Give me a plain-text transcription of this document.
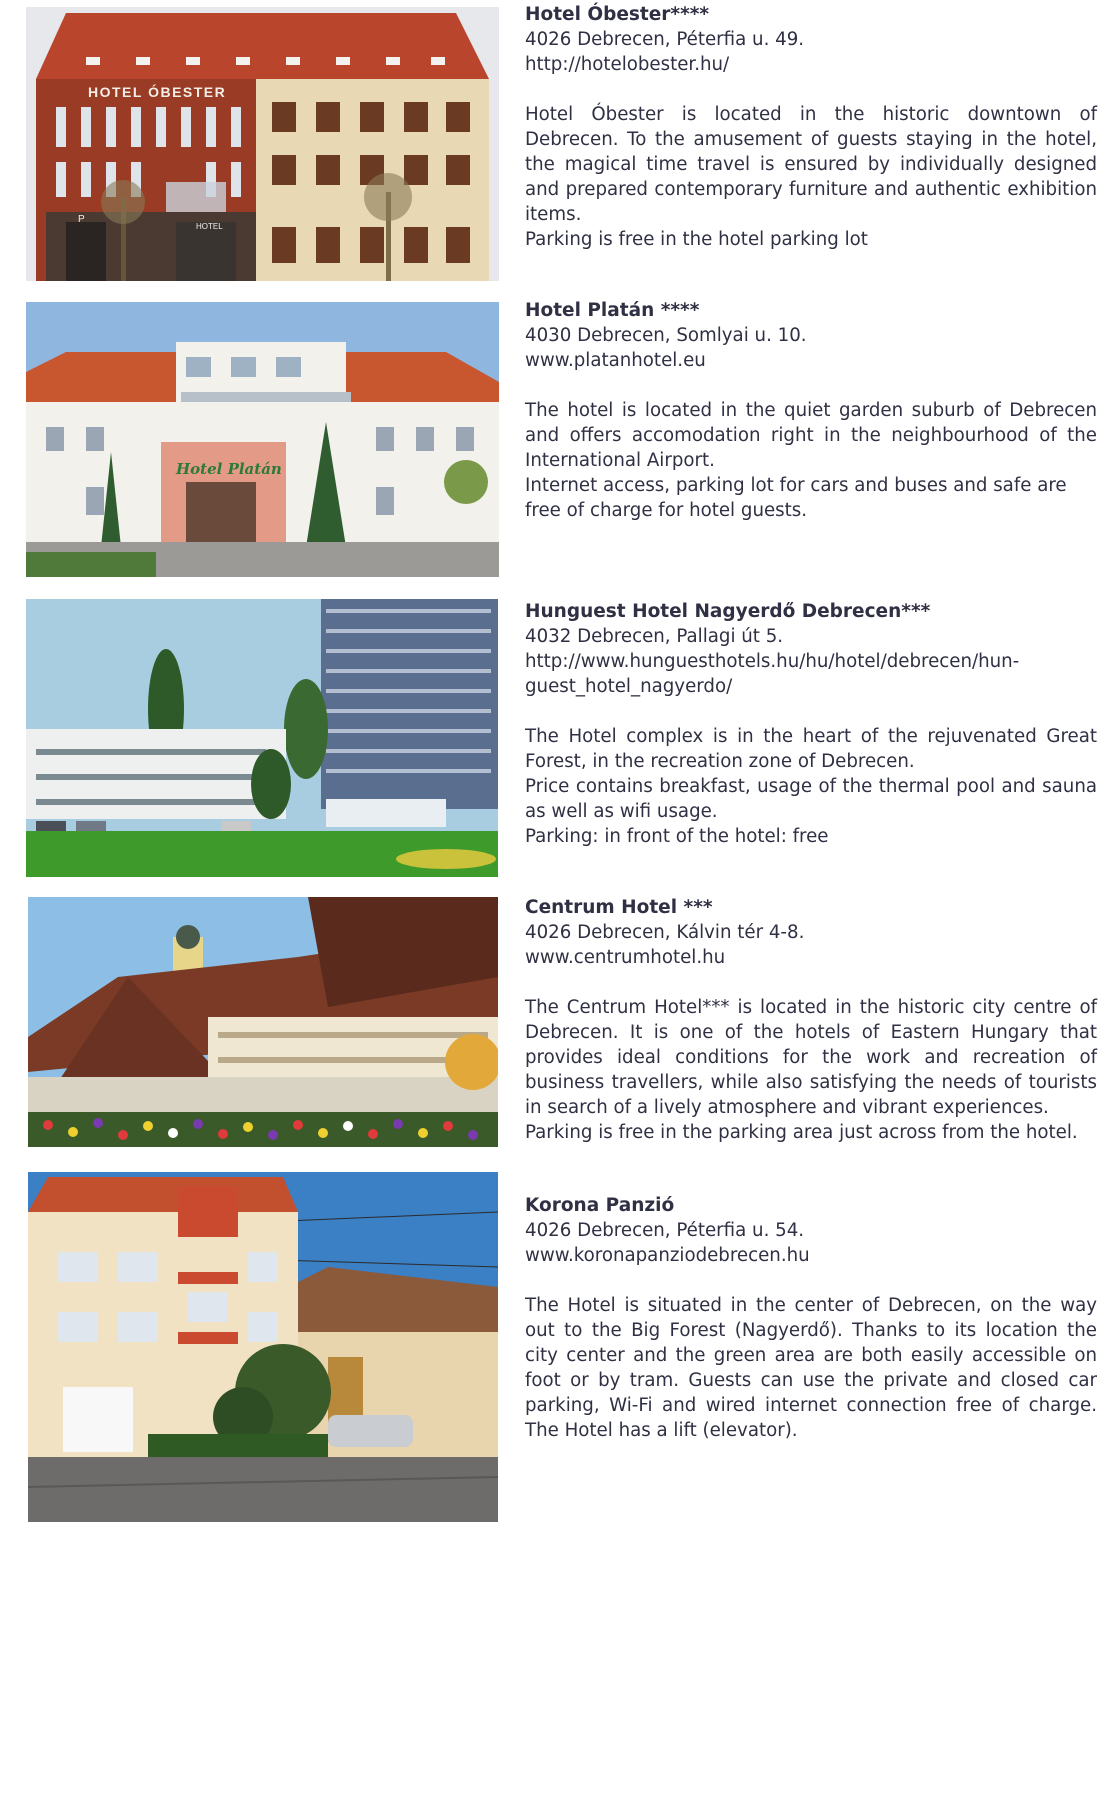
HOTEL ÓBESTER
HOTEL
P

Hotel Óbester****

4026 Debrecen, Péterfia u. 49.

http://hotelobester.hu/

Hotel Óbester is located in the historic downtown of Debrecen. To the amusement of guests staying in the hotel, the magical time travel is ensured by individually designed and prepared contemporary furniture and authentic exhibition items.

Parking is free in the hotel parking lot

Hotel Platán

Hotel Platán ****

4030 Debrecen, Somlyai u. 10.

www.platanhotel.eu

The hotel is located in the quiet garden suburb of Debrecen and offers accomodation right in the neighbourhood of the International Airport.

Internet access, parking lot for cars and buses and safe are free of charge for hotel guests.

Hunguest Hotel Nagyerdő Debrecen***

4032 Debrecen, Pallagi út 5.

http://www.hunguesthotels.hu/hu/hotel/debrecen/hun-
guest_hotel_nagyerdo/

The Hotel complex is in the heart of the rejuvenated Great Forest, in the recreation zone of Debrecen.

Price contains breakfast, usage of the thermal pool and sauna as well as wifi usage.

Parking: in front of the hotel: free

Centrum Hotel ***

4026 Debrecen, Kálvin tér 4-8.

www.centrumhotel.hu

The Centrum Hotel*** is located in the historic city centre of Debrecen. It is one of the hotels of Eastern Hungary that provides ideal conditions for the work and recreation of business travellers, while also satisfying the needs of tourists in search of a lively atmosphere and vibrant experiences.

Parking is free in the parking area just across from the hotel.

Korona Panzió

4026 Debrecen, Péterfia u. 54.

www.koronapanziodebrecen.hu

The Hotel is situated in the center of Debrecen, on the way out to the Big Forest (Nagyerdő). Thanks to its location the city center and the green area are both easily accessible on foot or by tram. Guests can use the private and closed car parking, Wi-Fi and wired internet connection free of charge. The Hotel has a lift (elevator).
